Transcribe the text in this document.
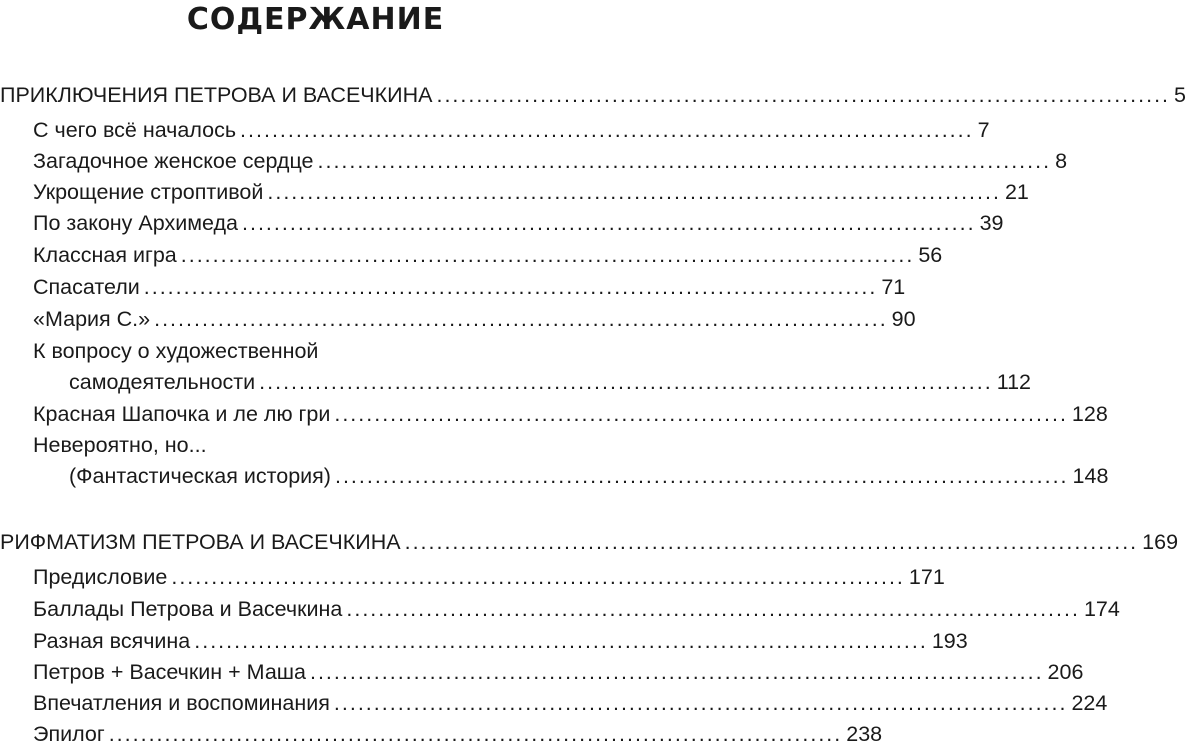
СОДЕРЖАНИЕ
ПРИКЛЮЧЕНИЯ ПЕТРОВА И ВАСЕЧКИНА ............................................................................................ 5
С чего всё началось ............................................................................................ 7
Загадочное женское сердце ............................................................................................ 8
Укрощение строптивой ............................................................................................ 21
По закону Архимеда ............................................................................................ 39
Классная игра ............................................................................................ 56
Спасатели ............................................................................................ 71
«Мария С.» ............................................................................................ 90
К вопросу о художественной
самодеятельности ............................................................................................ 112
Красная Шапочка и ле лю гри ............................................................................................ 128
Невероятно, но...
(Фантастическая история) ............................................................................................ 148
РИФМАТИЗМ ПЕТРОВА И ВАСЕЧКИНА ............................................................................................ 169
Предисловие ............................................................................................ 171
Баллады Петрова и Васечкина ............................................................................................ 174
Разная всячина ............................................................................................ 193
Петров + Васечкин + Маша ............................................................................................ 206
Впечатления и воспоминания ............................................................................................ 224
Эпилог ............................................................................................ 238
